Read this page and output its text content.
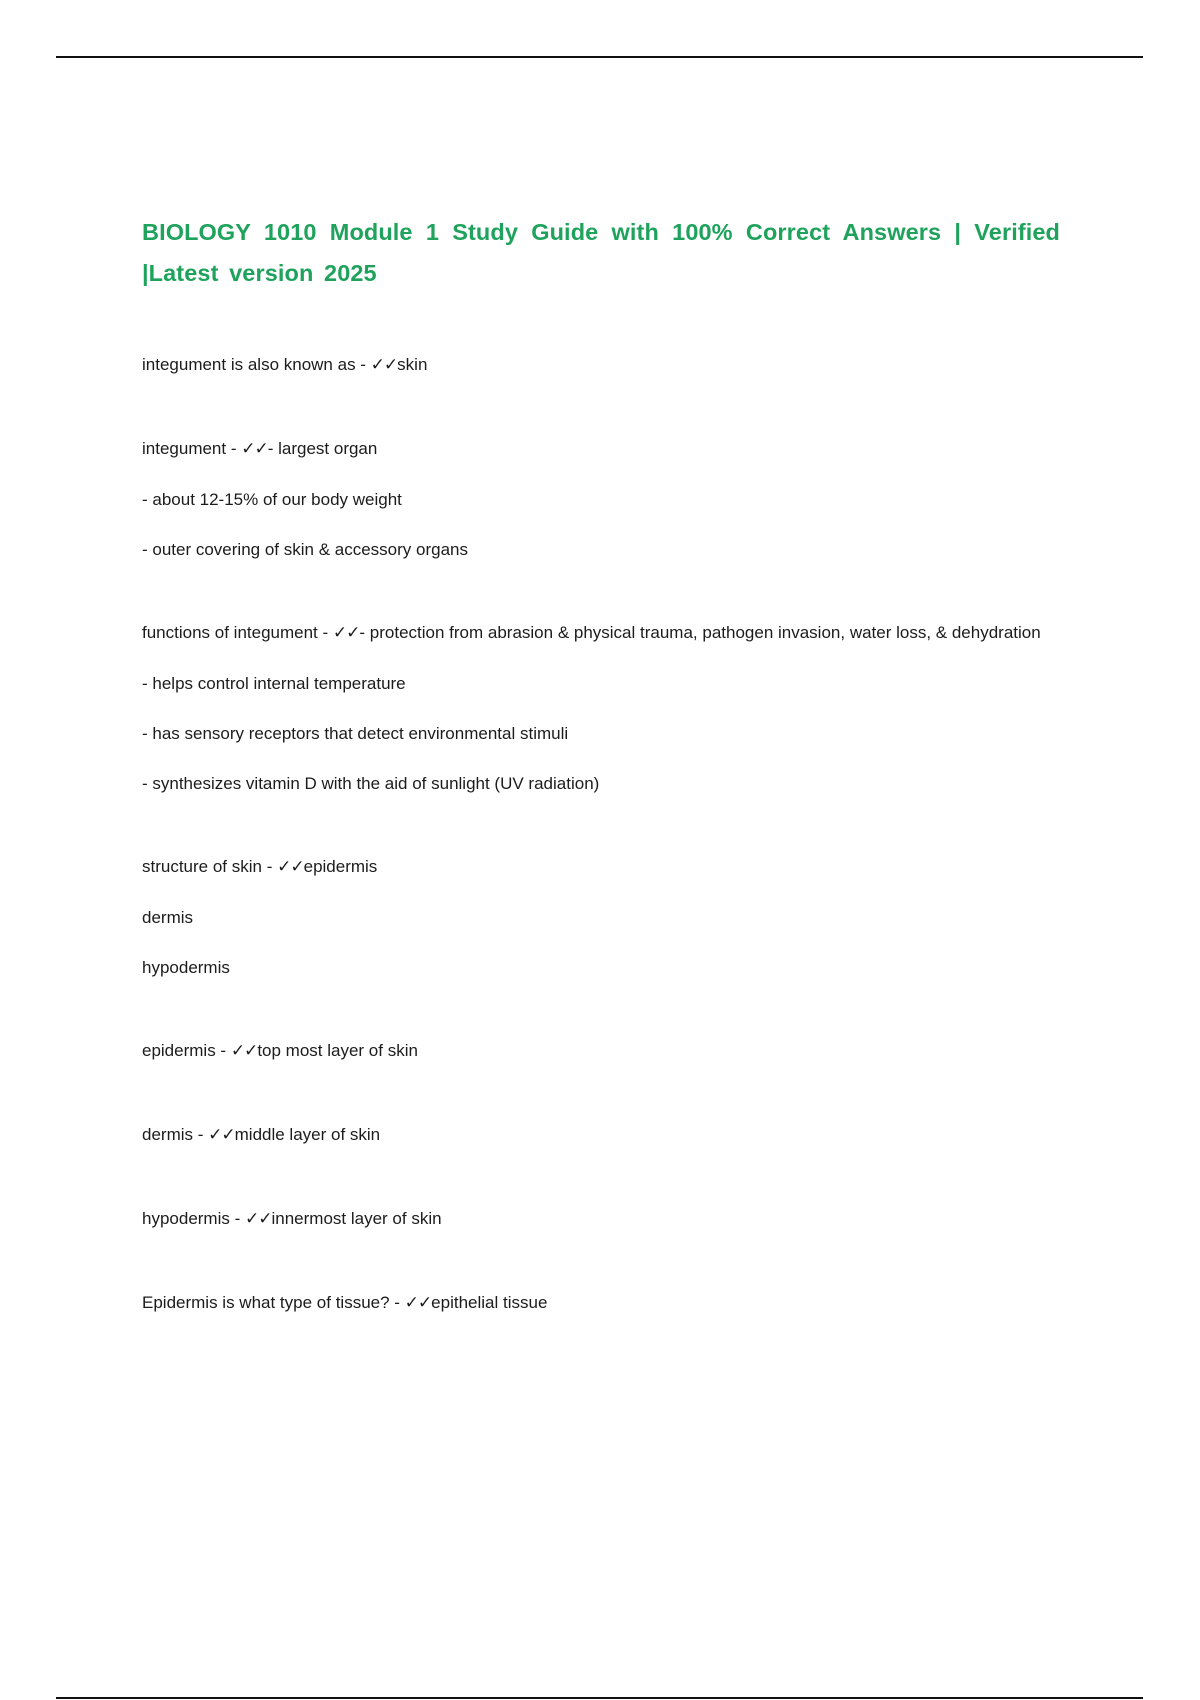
BIOLOGY 1010 Module 1 Study Guide with 100% Correct Answers | Verified |Latest version 2025

integument is also known as - ✓✓skin

integument - ✓✓- largest organ

- about 12-15% of our body weight

- outer covering of skin & accessory organs

functions of integument - ✓✓- protection from abrasion & physical trauma, pathogen invasion, water loss, & dehydration

- helps control internal temperature

- has sensory receptors that detect environmental stimuli

- synthesizes vitamin D with the aid of sunlight (UV radiation)

structure of skin - ✓✓epidermis

dermis

hypodermis

epidermis - ✓✓top most layer of skin

dermis - ✓✓middle layer of skin

hypodermis - ✓✓innermost layer of skin

Epidermis is what type of tissue? - ✓✓epithelial tissue
